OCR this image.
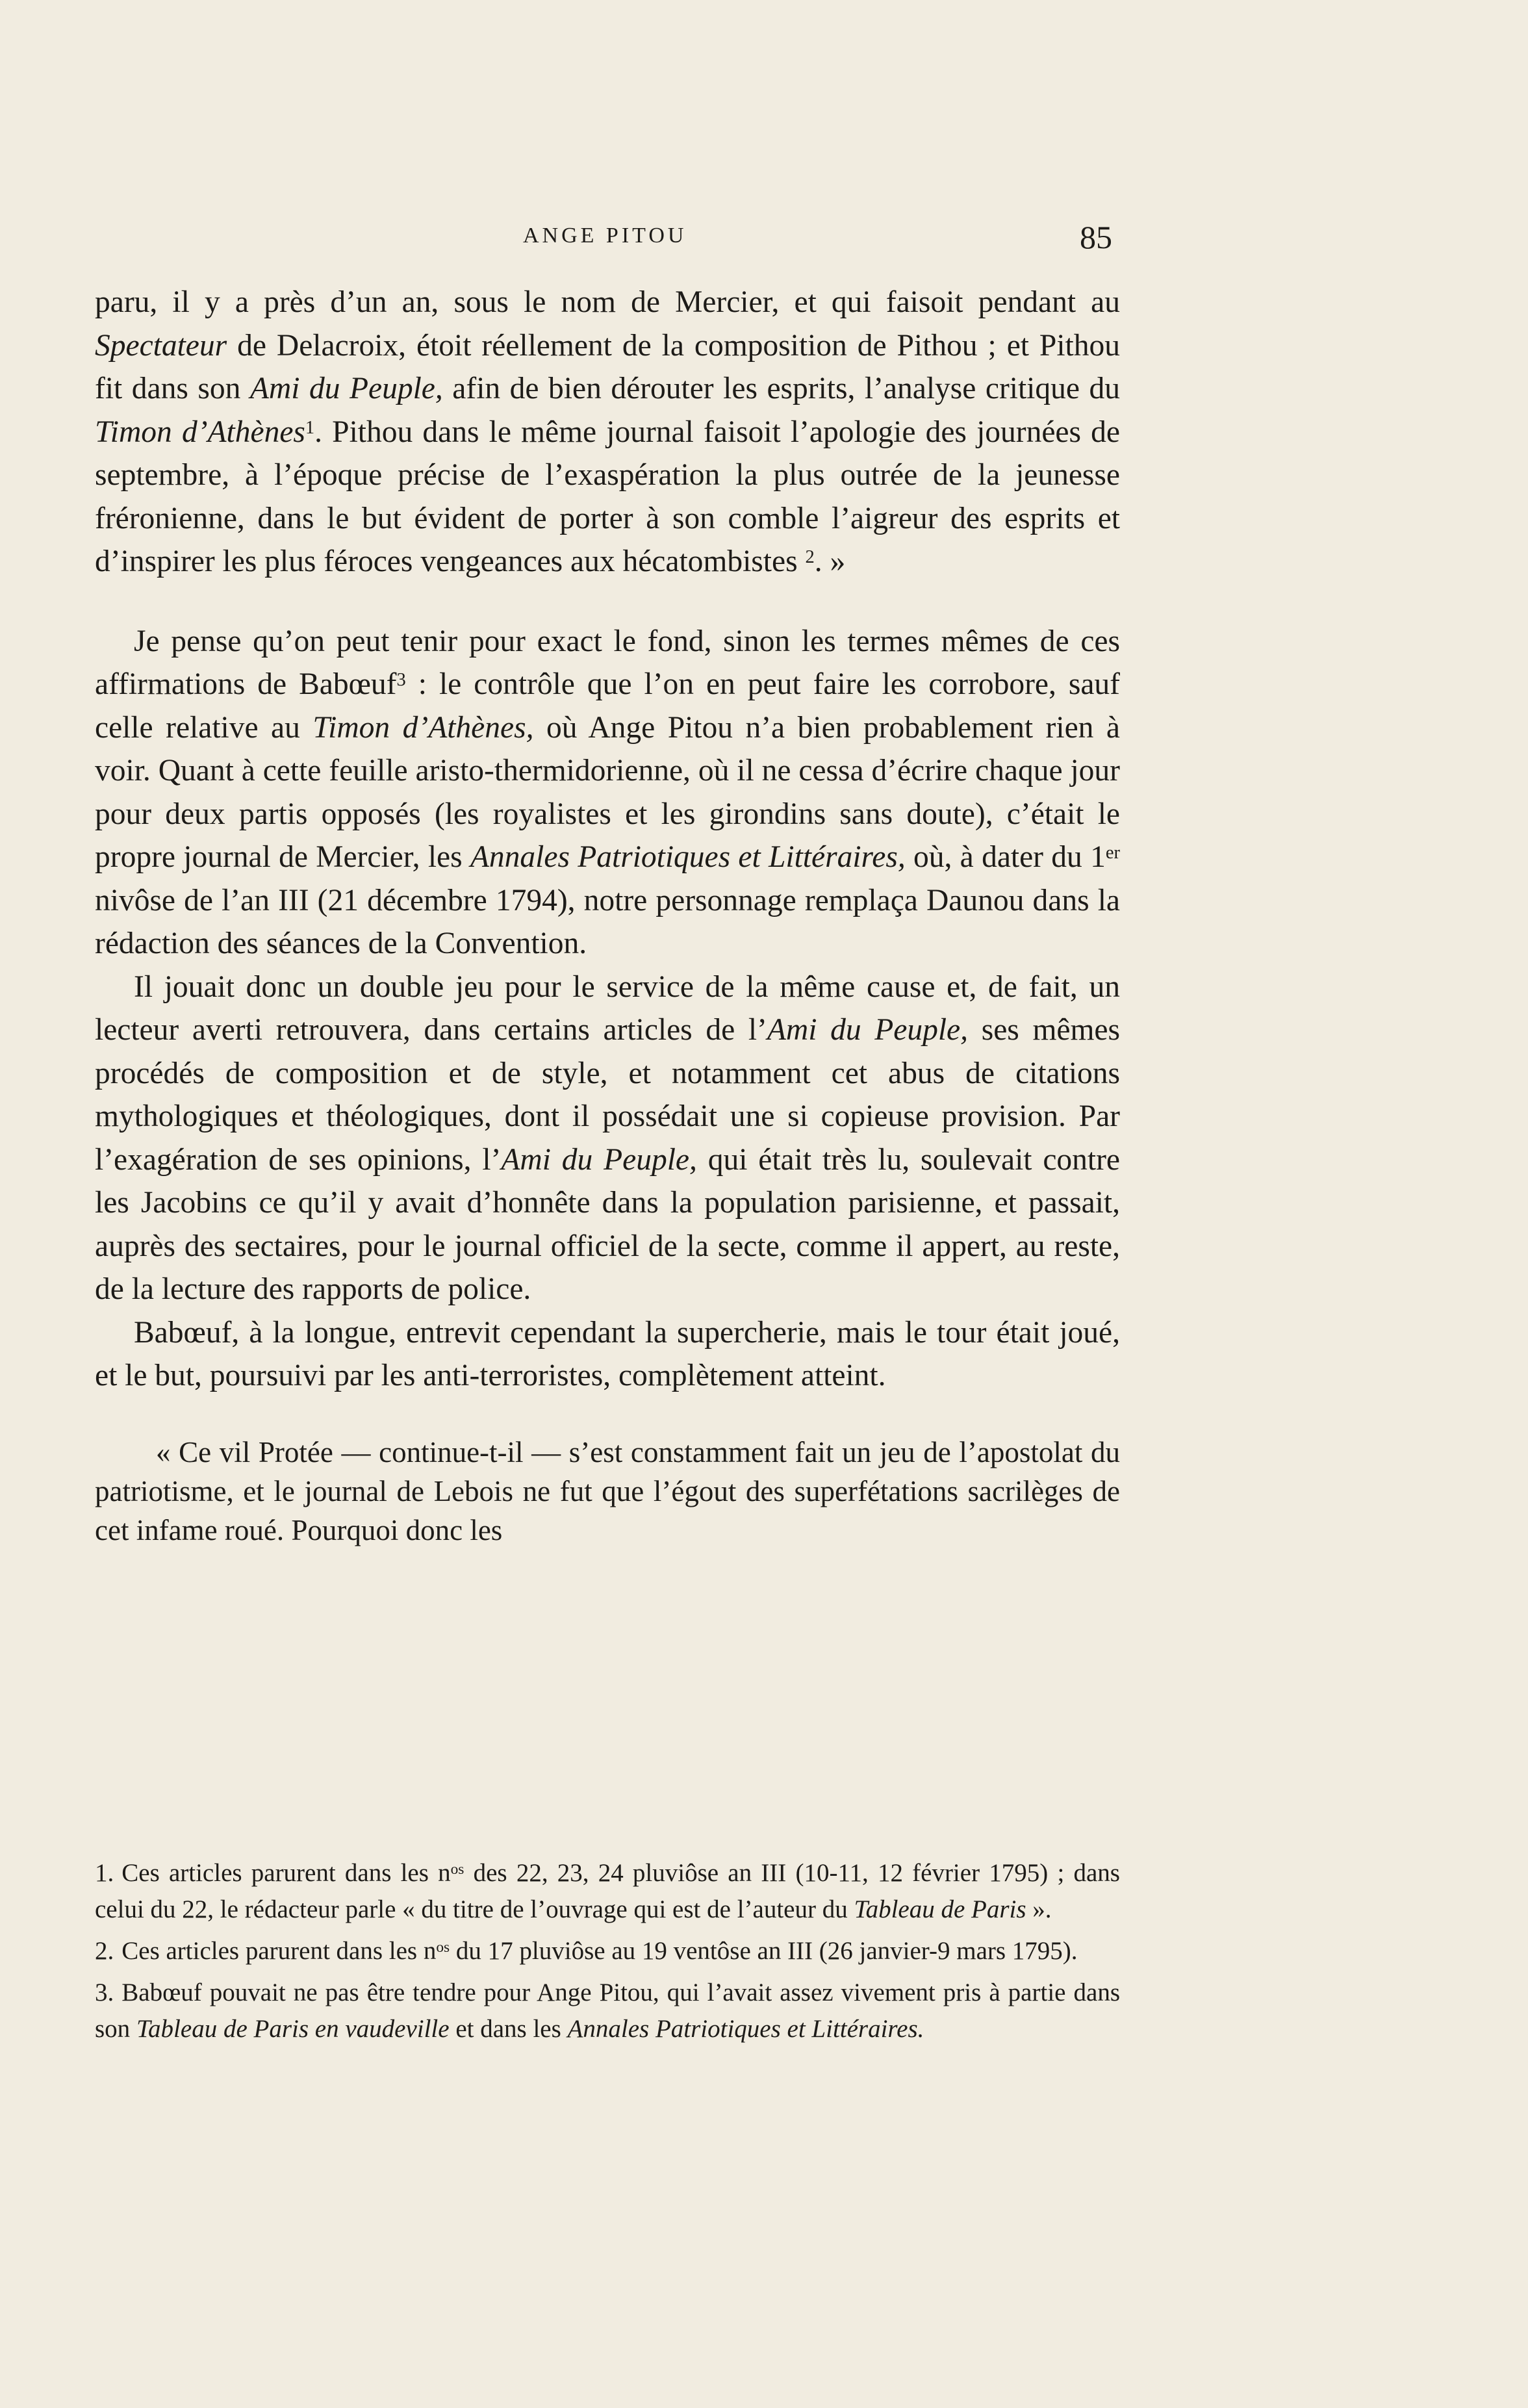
ANGE PITOU	85

paru, il y a près d’un an, sous le nom de Mercier, et qui faisoit pendant au Spectateur de Delacroix, étoit réellement de la composition de Pithou ; et Pithou fit dans son Ami du Peuple, afin de bien dérouter les esprits, l’analyse critique du Timon d’Athènes$^1$. Pithou dans le même journal faisoit l’apologie des journées de septembre, à l’époque précise de l’exaspération la plus outrée de la jeunesse fréronienne, dans le but évident de porter à son comble l’aigreur des esprits et d’inspirer les plus féroces vengeances aux hécatombistes $^2$. »

Je pense qu’on peut tenir pour exact le fond, sinon les termes mêmes de ces affirmations de Babœuf$^3$ : le contrôle que l’on en peut faire les corrobore, sauf celle relative au Timon d’Athènes, où Ange Pitou n’a bien probablement rien à voir. Quant à cette feuille aristo-thermidorienne, où il ne cessa d’écrire chaque jour pour deux partis opposés (les royalistes et les girondins sans doute), c’était le propre journal de Mercier, les Annales Patriotiques et Littéraires, où, à dater du 1er nivôse de l’an III (21 décembre 1794), notre personnage remplaça Daunou dans la rédaction des séances de la Convention.

Il jouait donc un double jeu pour le service de la même cause et, de fait, un lecteur averti retrouvera, dans certains articles de l’Ami du Peuple, ses mêmes procédés de composition et de style, et notamment cet abus de citations mythologiques et théologiques, dont il possédait une si copieuse provision. Par l’exagération de ses opinions, l’Ami du Peuple, qui était très lu, soulevait contre les Jacobins ce qu’il y avait d’honnête dans la population parisienne, et passait, auprès des sectaires, pour le journal officiel de la secte, comme il appert, au reste, de la lecture des rapports de police.

Babœuf, à la longue, entrevit cependant la supercherie, mais le tour était joué, et le but, poursuivi par les anti-terroristes, complètement atteint.

« Ce vil Protée — continue-t-il — s’est constamment fait un jeu de l’apostolat du patriotisme, et le journal de Lebois ne fut que l’égout des superfétations sacrilèges de cet infame roué. Pourquoi donc les

1. Ces articles parurent dans les $n^{os}$ des 22, 23, 24 pluviôse an III (10-11, 12 février 1795) ; dans celui du 22, le rédacteur parle « du titre de l’ouvrage qui est de l’auteur du Tableau de Paris ».

2. Ces articles parurent dans les $n^{os}$ du 17 pluviôse au 19 ventôse an III (26 janvier-9 mars 1795).

3. Babœuf pouvait ne pas être tendre pour Ange Pitou, qui l’avait assez vivement pris à partie dans son Tableau de Paris en vaudeville et dans les Annales Patriotiques et Littéraires.
